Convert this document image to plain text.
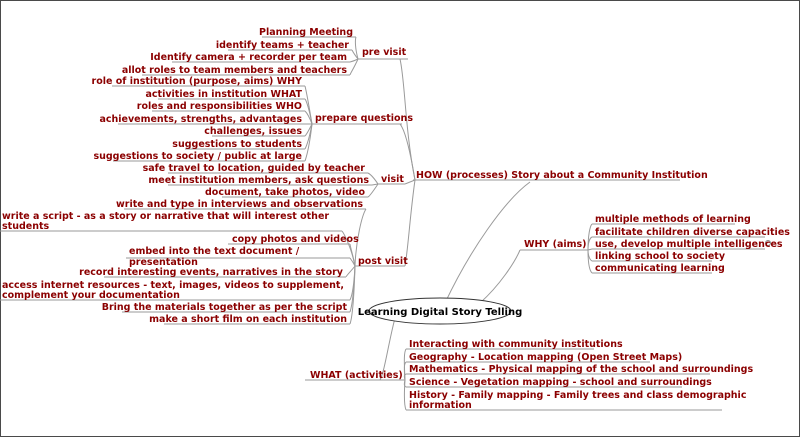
Learning Digital Story Telling
HOW (processes) Story about a Community Institution
pre visit
Planning Meeting
identify teams + teacher
Identify camera + recorder per team
allot roles to team members and teachers
prepare questions
role of institution (purpose, aims) WHY
activities in institution WHAT
roles and responsibilities WHO
achievements, strengths, advantages
challenges, issues
suggestions to students
suggestions to society / public at large
visit
safe travel to location, guided by teacher
meet institution members, ask questions
document, take photos, video
post visit
write and type in interviews and observations
write a script - as a story or narrative that will interest other
students
copy photos and videos
embed into the text document /
presentation
record interesting events, narratives in the story
access internet resources - text, images, videos to supplement,
complement your documentation
Bring the materials together as per the script
make a short film on each institution
WHY (aims)
multiple methods of learning
facilitate children diverse capacities
use, develop multiple intelligences
linking school to society
communicating learning
WHAT (activities)
Interacting with community institutions
Geography - Location mapping (Open Street Maps)
Mathematics - Physical mapping of the school and surroundings
Science - Vegetation mapping - school and surroundings
History - Family mapping - Family trees and class demographic
information
